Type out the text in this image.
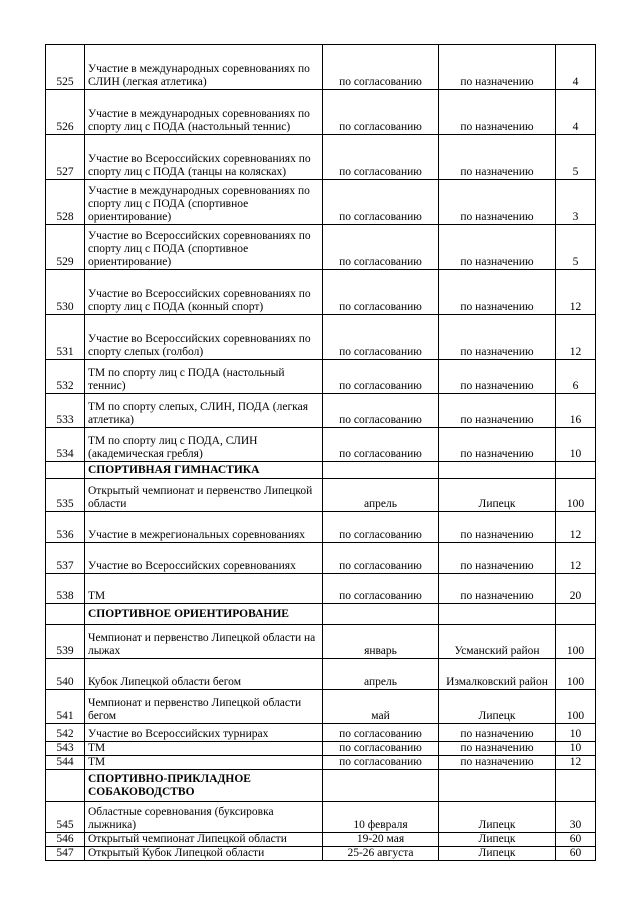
525	Участие в международных соревнованиях по СЛИН (легкая атлетика)	по согласованию	по назначению	4
526	Участие в международных соревнованиях по спорту лиц с ПОДА (настольный теннис)	по согласованию	по назначению	4
527	Участие во Всероссийских соревнованиях по спорту лиц с ПОДА (танцы на колясках)	по согласованию	по назначению	5
528	Участие в международных соревнованиях по спорту лиц с ПОДА (спортивное ориентирование)	по согласованию	по назначению	3
529	Участие во Всероссийских соревнованиях по спорту лиц с ПОДА (спортивное ориентирование)	по согласованию	по назначению	5
530	Участие во Всероссийских соревнованиях по спорту лиц с ПОДА (конный спорт)	по согласованию	по назначению	12
531	Участие во Всероссийских соревнованиях по спорту слепых (голбол)	по согласованию	по назначению	12
532	ТМ по спорту лиц с ПОДА (настольный теннис)	по согласованию	по назначению	6
533	ТМ по спорту слепых, СЛИН, ПОДА (легкая атлетика)	по согласованию	по назначению	16
534	ТМ по спорту лиц с ПОДА, СЛИН (академическая гребля)	по согласованию	по назначению	10
	СПОРТИВНАЯ ГИМНАСТИКА			
535	Открытый чемпионат и первенство Липецкой области	апрель	Липецк	100
536	Участие в межрегиональных соревнованиях	по согласованию	по назначению	12
537	Участие во Всероссийских соревнованиях	по согласованию	по назначению	12
538	ТМ	по согласованию	по назначению	20
	СПОРТИВНОЕ ОРИЕНТИРОВАНИЕ			
539	Чемпионат и первенство Липецкой области на лыжах	январь	Усманский район	100
540	Кубок Липецкой области бегом	апрель	Измалковский район	100
541	Чемпионат и первенство Липецкой области бегом	май	Липецк	100
542	Участие во Всероссийских турнирах	по согласованию	по назначению	10
543	ТМ	по согласованию	по назначению	10
544	ТМ	по согласованию	по назначению	12
	СПОРТИВНО-ПРИКЛАДНОЕ СОБАКОВОДСТВО			
545	Областные соревнования (буксировка лыжника)	10 февраля	Липецк	30
546	Открытый чемпионат Липецкой области	19-20 мая	Липецк	60
547	Открытый Кубок Липецкой области	25-26 августа	Липецк	60
